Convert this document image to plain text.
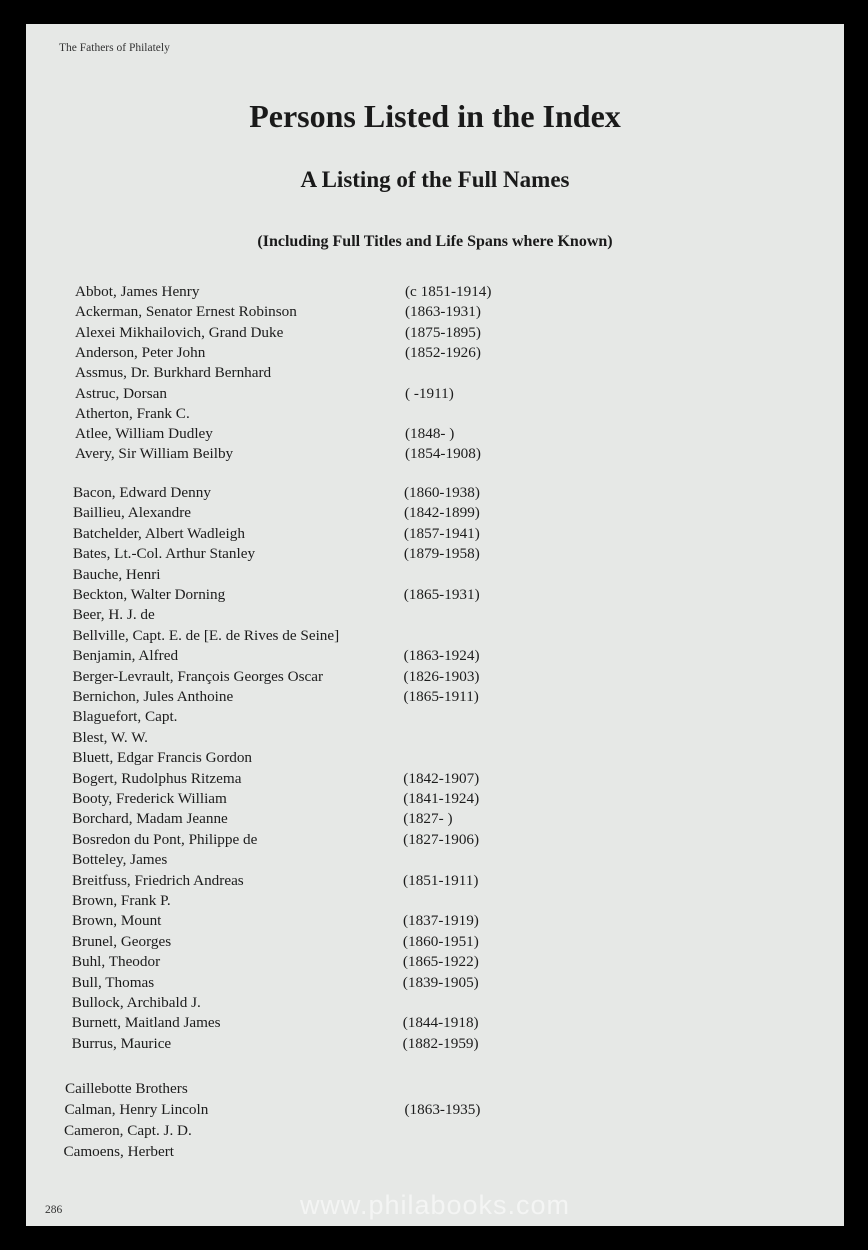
The Fathers of Philately
Persons Listed in the Index
A Listing of the Full Names
(Including Full Titles and Life Spans where Known)
Abbot, James Henry	(c 1851-1914)
Ackerman, Senator Ernest Robinson	(1863-1931)
Alexei Mikhailovich, Grand Duke	(1875-1895)
Anderson, Peter John	(1852-1926)
Assmus, Dr. Burkhard Bernhard
Astruc, Dorsan	( -1911)
Atherton, Frank C.
Atlee, William Dudley	(1848- )
Avery, Sir William Beilby	(1854-1908)
Bacon, Edward Denny	(1860-1938)
Baillieu, Alexandre	(1842-1899)
Batchelder, Albert Wadleigh	(1857-1941)
Bates, Lt.-Col. Arthur Stanley	(1879-1958)
Bauche, Henri
Beckton, Walter Dorning	(1865-1931)
Beer, H. J. de
Bellville, Capt. E. de [E. de Rives de Seine]
Benjamin, Alfred	(1863-1924)
Berger-Levrault, François Georges Oscar	(1826-1903)
Bernichon, Jules Anthoine	(1865-1911)
Blaguefort, Capt.
Blest, W. W.
Bluett, Edgar Francis Gordon
Bogert, Rudolphus Ritzema	(1842-1907)
Booty, Frederick William	(1841-1924)
Borchard, Madam Jeanne	(1827- )
Bosredon du Pont, Philippe de	(1827-1906)
Botteley, James
Breitfuss, Friedrich Andreas	(1851-1911)
Brown, Frank P.
Brown, Mount	(1837-1919)
Brunel, Georges	(1860-1951)
Buhl, Theodor	(1865-1922)
Bull, Thomas	(1839-1905)
Bullock, Archibald J.
Burnett, Maitland James	(1844-1918)
Burrus, Maurice	(1882-1959)
Caillebotte Brothers
Calman, Henry Lincoln	(1863-1935)
Cameron, Capt. J. D.
Camoens, Herbert
286	www.philabooks.com
